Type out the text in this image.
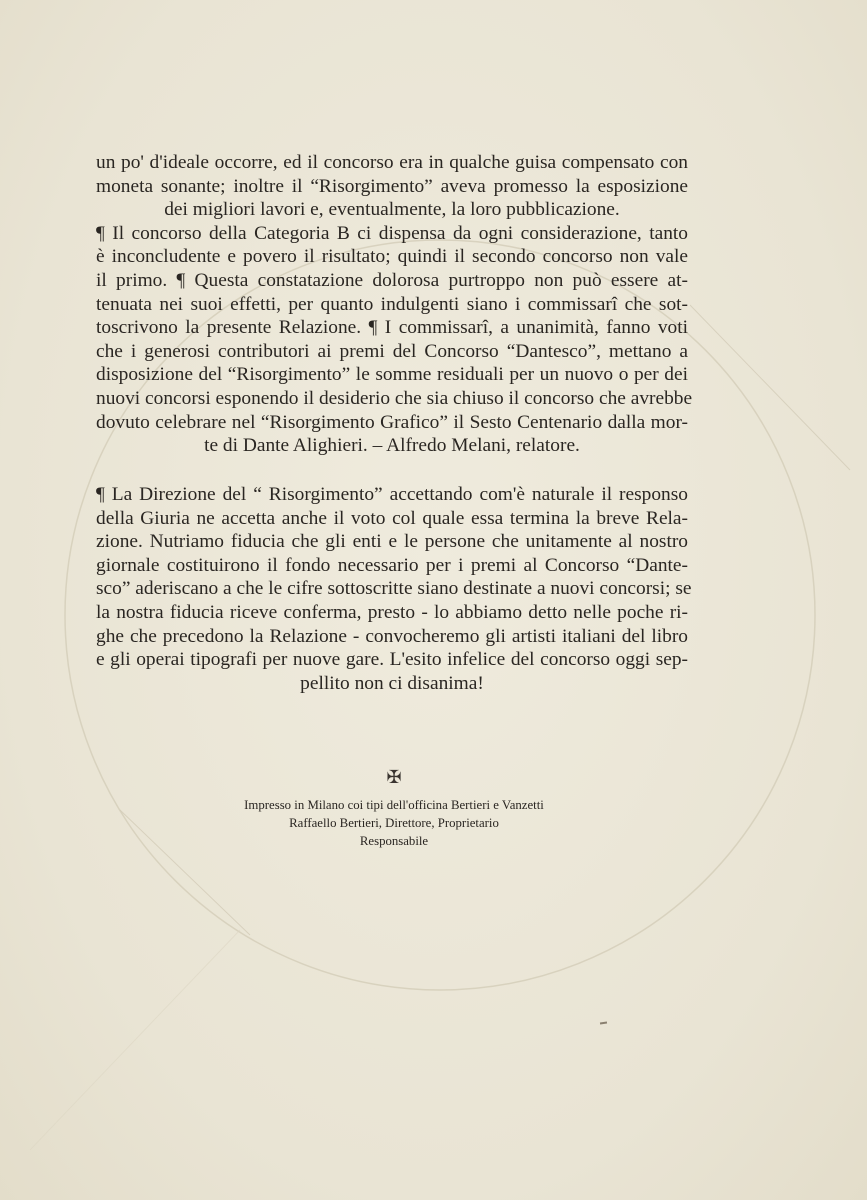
un po' d'ideale occorre, ed il concorso era in qualche guisa compensato con
moneta sonante; inoltre il “Risorgimento” aveva promesso la esposizione
dei migliori lavori e, eventualmente, la loro pubblicazione.
¶ Il concorso della Categoria B ci dispensa da ogni considerazione, tanto
è inconcludente e povero il risultato; quindi il secondo concorso non vale
il primo. ¶ Questa constatazione dolorosa purtroppo non può essere at-
tenuata nei suoi effetti, per quanto indulgenti siano i commissarî che sot-
toscrivono la presente Relazione. ¶ I commissarî, a unanimità, fanno voti
che i generosi contributori ai premi del Concorso “Dantesco”, mettano a
disposizione del “Risorgimento” le somme residuali per un nuovo o per dei
nuovi concorsi esponendo il desiderio che sia chiuso il concorso che avrebbe
dovuto celebrare nel “Risorgimento Grafico” il Sesto Centenario dalla mor-
te di Dante Alighieri. – Alfredo Melani, relatore.
¶ La Direzione del “ Risorgimento” accettando com'è naturale il responso
della Giuria ne accetta anche il voto col quale essa termina la breve Rela-
zione. Nutriamo fiducia che gli enti e le persone che unitamente al nostro
giornale costituirono il fondo necessario per i premi al Concorso “Dante-
sco” aderiscano a che le cifre sottoscritte siano destinate a nuovi concorsi; se
la nostra fiducia riceve conferma, presto - lo abbiamo detto nelle poche ri-
ghe che precedono la Relazione - convocheremo gli artisti italiani del libro
e gli operai tipografi per nuove gare. L'esito infelice del concorso oggi sep-
pellito non ci disanima!
✠
Impresso in Milano coi tipi dell'officina Bertieri e Vanzetti
Raffaello Bertieri, Direttore, Proprietario
Responsabile
